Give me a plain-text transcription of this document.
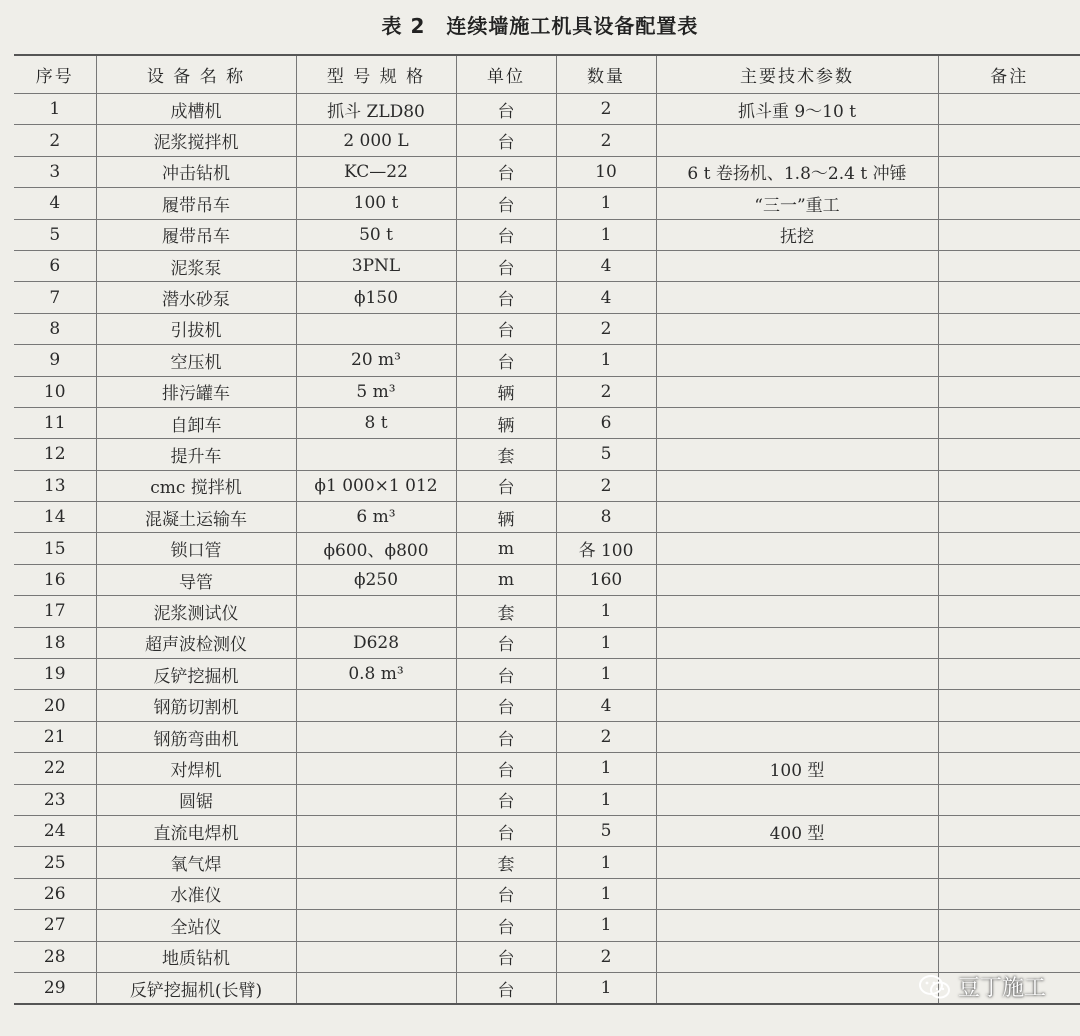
表 2　连续墙施工机具设备配置表
序号	设 备 名 称	型 号 规 格	单位	数量	主要技术参数	备注
1	成槽机	抓斗 ZLD80	台	2	抓斗重 9～10 t	
2	泥浆搅拌机	2 000 L	台	2		
3	冲击钻机	KC—22	台	10	6 t 卷扬机、1.8～2.4 t 冲锤	
4	履带吊车	100 t	台	1	“三一”重工	
5	履带吊车	50 t	台	1	抚挖	
6	泥浆泵	3PNL	台	4		
7	潜水砂泵	ϕ150	台	4		
8	引拔机		台	2		
9	空压机	20 m³	台	1		
10	排污罐车	5 m³	辆	2		
11	自卸车	8 t	辆	6		
12	提升车		套	5		
13	cmc 搅拌机	ϕ1 000×1 012	台	2		
14	混凝土运输车	6 m³	辆	8		
15	锁口管	ϕ600、ϕ800	m	各 100		
16	导管	ϕ250	m	160		
17	泥浆测试仪		套	1		
18	超声波检测仪	D628	台	1		
19	反铲挖掘机	0.8 m³	台	1		
20	钢筋切割机		台	4		
21	钢筋弯曲机		台	2		
22	对焊机		台	1	100 型	
23	圆锯		台	1		
24	直流电焊机		台	5	400 型	
25	氧气焊		套	1		
26	水准仪		台	1		
27	全站仪		台	1		
28	地质钻机		台	2		
29	反铲挖掘机(长臂)		台	1			豆丁施工
